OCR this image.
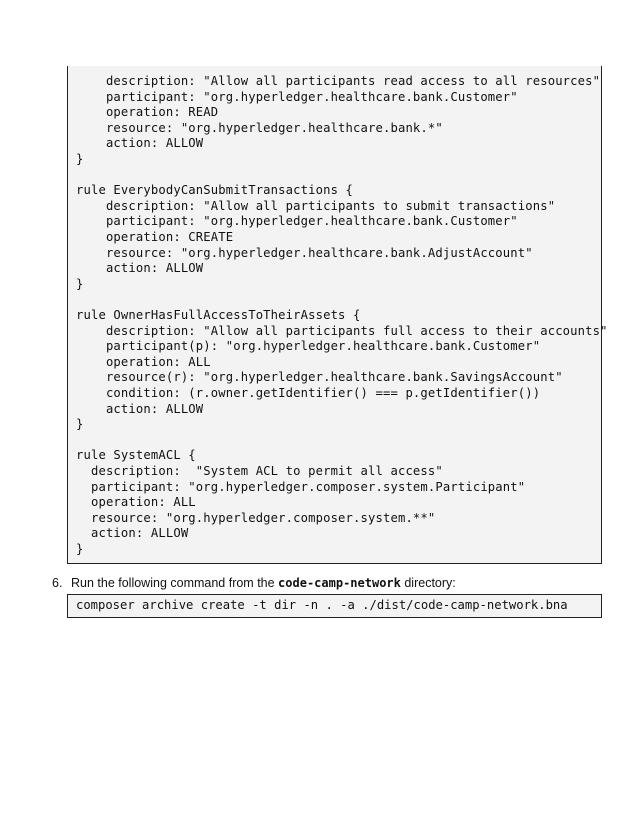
description: "Allow all participants read access to all resources"
participant: "org.hyperledger.healthcare.bank.Customer"
operation: READ
resource: "org.hyperledger.healthcare.bank.*"
action: ALLOW
}
rule EverybodyCanSubmitTransactions {
description: "Allow all participants to submit transactions"
participant: "org.hyperledger.healthcare.bank.Customer"
operation: CREATE
resource: "org.hyperledger.healthcare.bank.AdjustAccount"
action: ALLOW
}
rule OwnerHasFullAccessToTheirAssets {
description: "Allow all participants full access to their accounts"
participant(p): "org.hyperledger.healthcare.bank.Customer"
operation: ALL
resource(r): "org.hyperledger.healthcare.bank.SavingsAccount"
condition: (r.owner.getIdentifier() === p.getIdentifier())
action: ALLOW
}
rule SystemACL {
description:  "System ACL to permit all access"
participant: "org.hyperledger.composer.system.Participant"
operation: ALL
resource: "org.hyperledger.composer.system.**"
action: ALLOW
}
6. Run the following command from the code-camp-network directory:
composer archive create -t dir -n . -a ./dist/code-camp-network.bna
